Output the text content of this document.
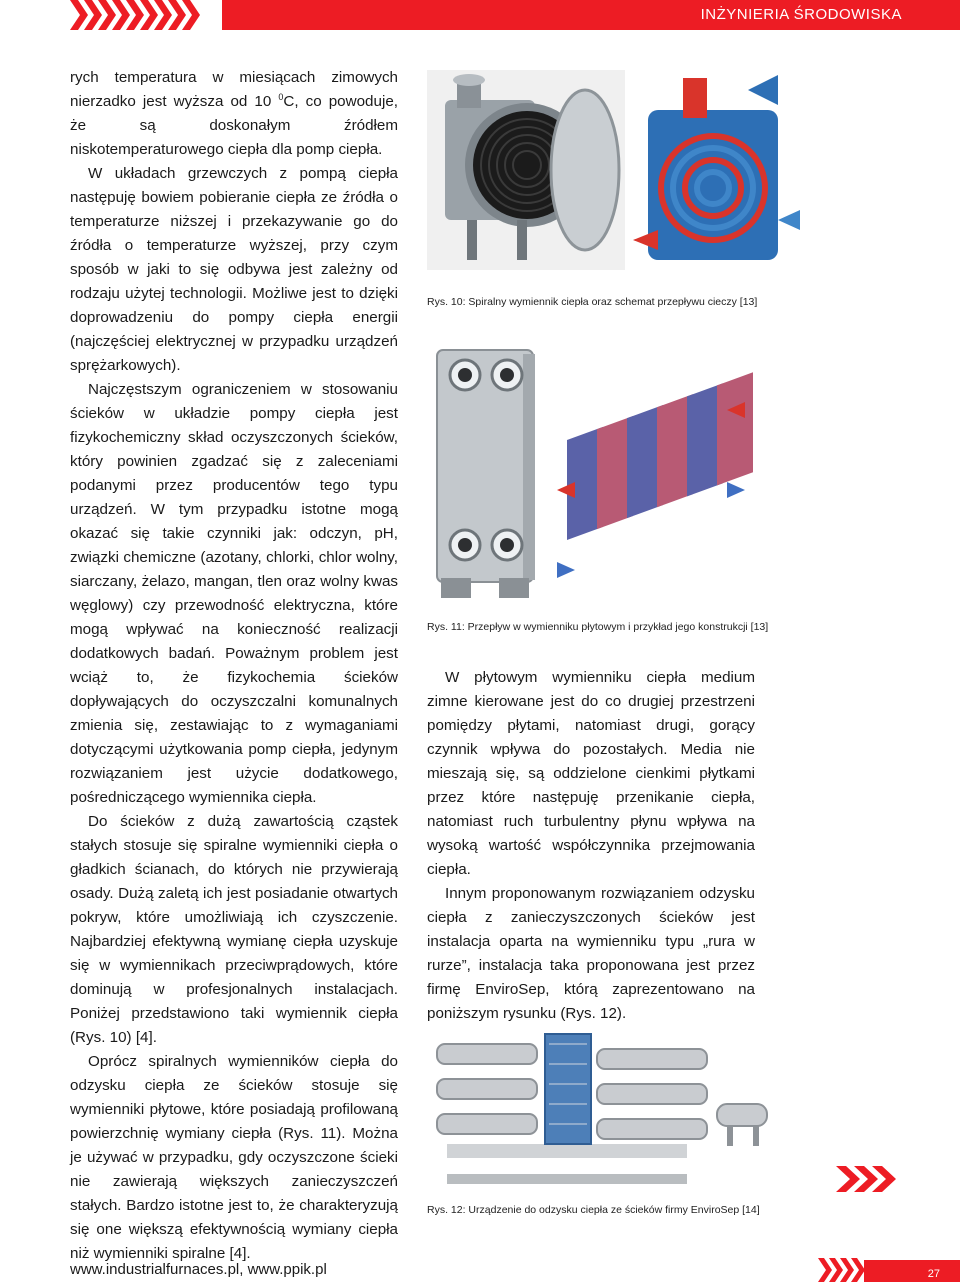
INŻYNIERIA ŚRODOWISKA

rych temperatura w miesiącach zimowych nierzadko jest wyższa od 10 $^0$C, co powoduje, że są doskonałym źródłem niskotemperaturowego ciepła dla pomp ciepła.

W układach grzewczych z pompą ciepła następuję bowiem pobieranie ciepła ze źródła o temperaturze niższej i przekazywanie go do źródła o temperaturze wyższej, przy czym sposób w jaki to się odbywa jest zależny od rodzaju użytej technologii. Możliwe jest to dzięki doprowadzeniu do pompy ciepła energii (najczęściej elektrycznej w przypadku urządzeń sprężarkowych).

Najczęstszym ograniczeniem w stosowaniu ścieków w układzie pompy ciepła jest fizykochemiczny skład oczyszczonych ścieków, który powinien zgadzać się z zaleceniami podanymi przez producentów tego typu urządzeń. W tym przypadku istotne mogą okazać się takie czynniki jak: odczyn, pH, związki chemiczne (azotany, chlorki, chlor wolny, siarczany, żelazo, mangan, tlen oraz wolny kwas węglowy) czy przewodność elektryczna, które mogą wpływać na konieczność realizacji dodatkowych badań. Poważnym problem jest wciąż to, że fizykochemia ścieków dopływających do oczyszczalni komunalnych zmienia się, zestawiając to z wymaganiami dotyczącymi użytkowania pomp ciepła, jedynym rozwiązaniem jest użycie dodatkowego, pośredniczącego wymiennika ciepła.

Do ścieków z dużą zawartością cząstek stałych stosuje się spiralne wymienniki ciepła o gładkich ścianach, do których nie przywierają osady. Dużą zaletą ich jest posiadanie otwartych pokryw, które umożliwiają ich czyszczenie. Najbardziej efektywną wymianę ciepła uzyskuje się w wymiennikach przeciwprądowych, które dominują w profesjonalnych instalacjach. Poniżej przedstawiono taki wymiennik ciepła (Rys. 10) [4].

Oprócz spiralnych wymienników ciepła do odzysku ciepła ze ścieków stosuje się wymienniki płytowe, które posiadają profilowaną powierzchnię wymiany ciepła (Rys. 11). Można je używać w przypadku, gdy oczyszczone ścieki nie zawierają większych zanieczyszczeń stałych. Bardzo istotne jest to, że charakteryzują się one większą efektywnością wymiany ciepła niż wymienniki spiralne [4].

Rys. 10: Spiralny wymiennik ciepła oraz schemat przepływu cieczy [13]
Rys. 11: Przepływ w wymienniku płytowym i przykład jego konstrukcji [13]

W płytowym wymienniku ciepła medium zimne kierowane jest do co drugiej przestrzeni pomiędzy płytami, natomiast drugi, gorący czynnik wpływa do pozostałych. Media nie mieszają się, są oddzielone cienkimi płytkami przez które następuję przenikanie ciepła, natomiast ruch turbulentny płynu wpływa na wysoką wartość współczynnika przejmowania ciepła.

Innym proponowanym rozwiązaniem odzysku ciepła z zanieczyszczonych ścieków jest instalacja oparta na wymienniku typu „rura w rurze”, instalacja taka proponowana jest przez firmę EnviroSep, którą zaprezentowano na poniższym rysunku (Rys. 12).

Rys. 12: Urządzenie do odzysku ciepła ze ścieków firmy EnviroSep [14]
www.industrialfurnaces.pl, www.ppik.pl	27
